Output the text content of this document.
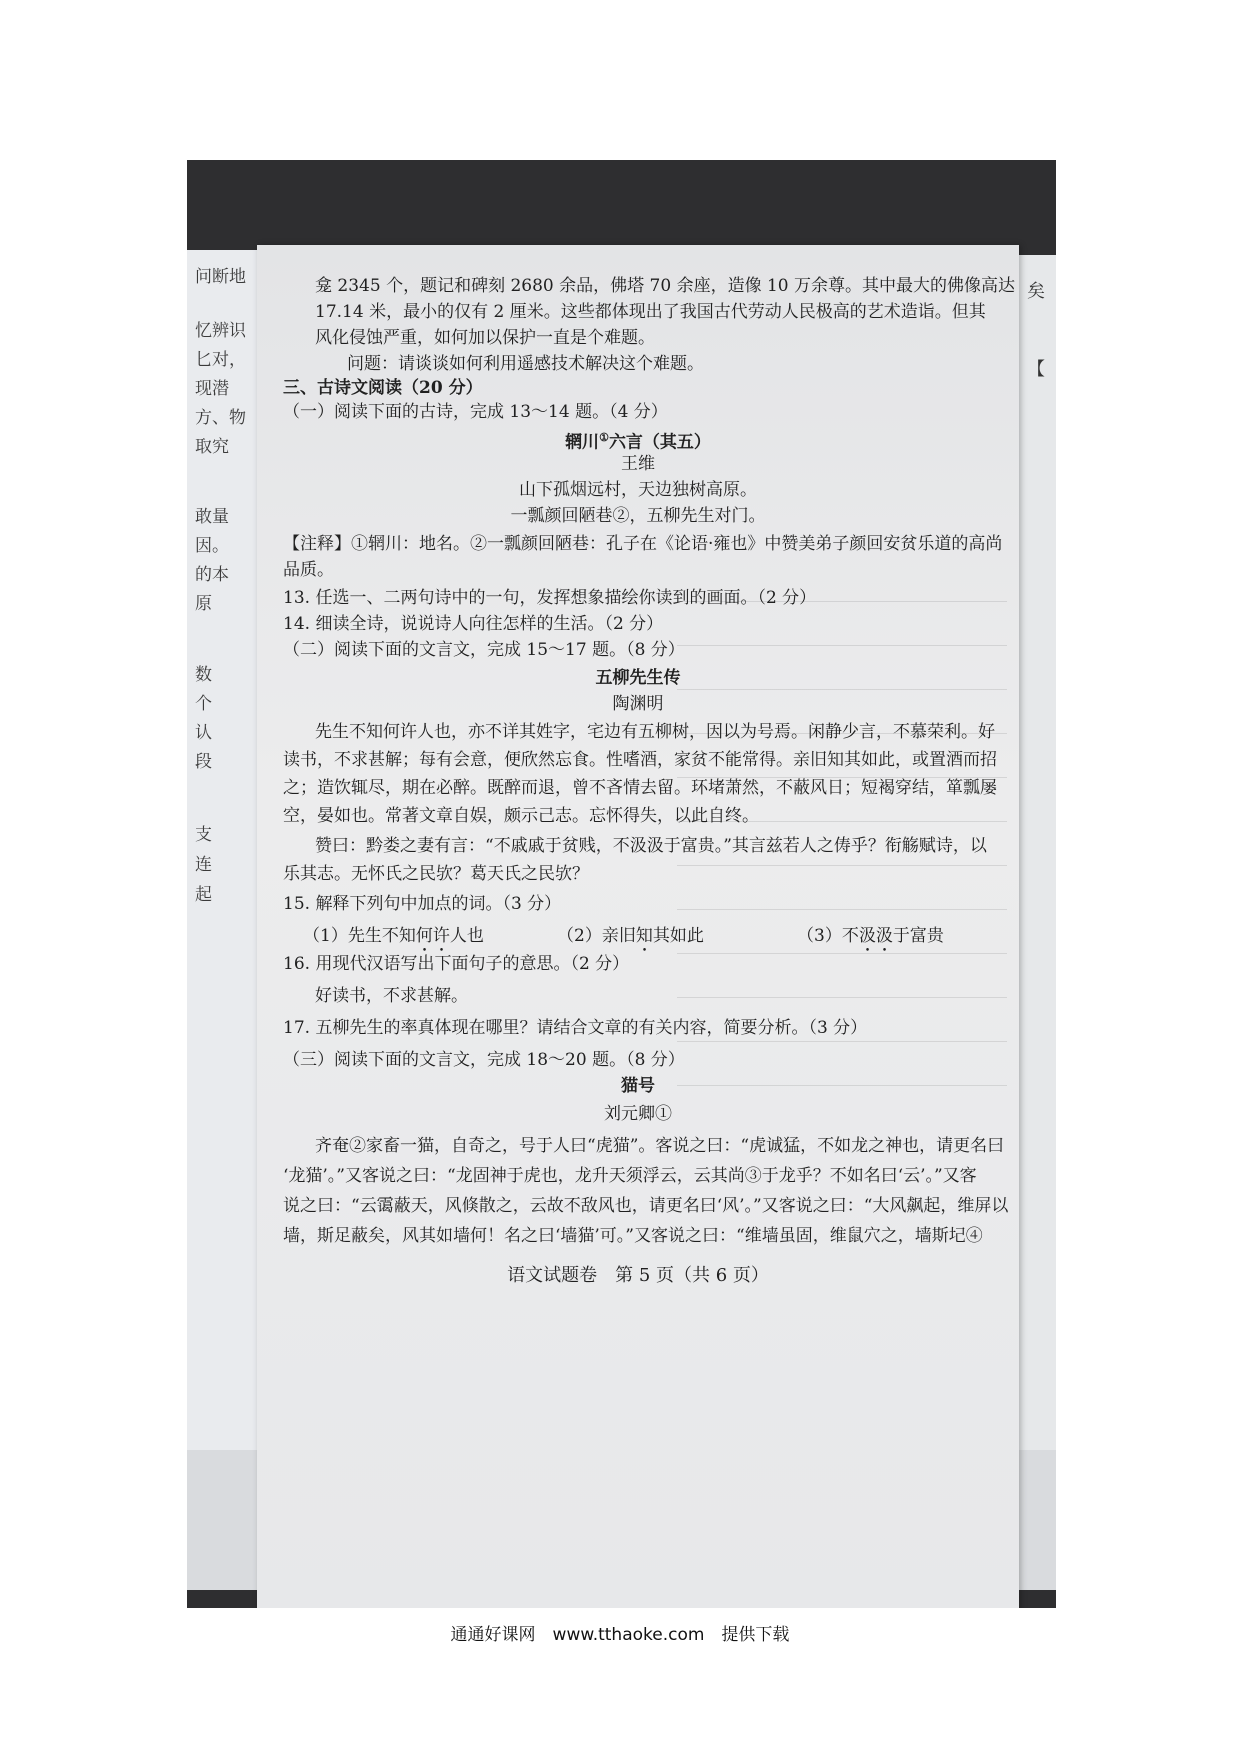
问断地
忆辨识
匕对，
现潜
方、物
取究
敢量
因。
的本
原
数
个
认
段
支
连
起
矣
【
龛 2345 个，题记和碑刻 2680 余品，佛塔 70 余座，造像 10 万余尊。其中最大的佛像高达
17.14 米，最小的仅有 2 厘米。这些都体现出了我国古代劳动人民极高的艺术造诣。但其
风化侵蚀严重，如何加以保护一直是个难题。
问题：请谈谈如何利用遥感技术解决这个难题。
三、古诗文阅读（20 分）
（一）阅读下面的古诗，完成 13～14 题。（4 分）
辋川①六言（其五）
王维
山下孤烟远村，天边独树高原。
一瓢颜回陋巷②，五柳先生对门。
【注释】①辋川：地名。②一瓢颜回陋巷：孔子在《论语·雍也》中赞美弟子颜回安贫乐道的高尚
品质。
13. 任选一、二两句诗中的一句，发挥想象描绘你读到的画面。（2 分）
14. 细读全诗，说说诗人向往怎样的生活。（2 分）
（二）阅读下面的文言文，完成 15～17 题。（8 分）
五柳先生传
陶渊明
先生不知何许人也，亦不详其姓字，宅边有五柳树，因以为号焉。闲静少言，不慕荣利。好
读书，不求甚解；每有会意，便欣然忘食。性嗜酒，家贫不能常得。亲旧知其如此，或置酒而招
之；造饮辄尽，期在必醉。既醉而退，曾不吝情去留。环堵萧然，不蔽风日；短褐穿结，箪瓢屡
空，晏如也。常著文章自娱，颇示己志。忘怀得失，以此自终。
赞曰：黔娄之妻有言：“不戚戚于贫贱，不汲汲于富贵。”其言兹若人之俦乎？衔觞赋诗，以
乐其志。无怀氏之民欤？葛天氏之民欤？
15. 解释下列句中加点的词。（3 分）
（1）先生不知何许人也	（2）亲旧知其如此	（3）不汲汲于富贵
16. 用现代汉语写出下面句子的意思。（2 分）
好读书，不求甚解。
17. 五柳先生的率真体现在哪里？请结合文章的有关内容，简要分析。（3 分）
（三）阅读下面的文言文，完成 18～20 题。（8 分）
猫号
刘元卿①
齐奄②家畜一猫，自奇之，号于人曰“虎猫”。客说之曰：“虎诚猛，不如龙之神也，请更名曰
‘龙猫’。”又客说之曰：“龙固神于虎也，龙升天须浮云，云其尚③于龙乎？不如名曰‘云’。”又客
说之曰：“云霭蔽天，风倏散之，云故不敌风也，请更名曰‘风’。”又客说之曰：“大风飙起，维屏以
墙，斯足蔽矣，风其如墙何！名之曰‘墙猫’可。”又客说之曰：“维墙虽固，维鼠穴之，墙斯圮④
语文试题卷　第 5 页（共 6 页）
通通好课网　www.tthaoke.com　提供下载
